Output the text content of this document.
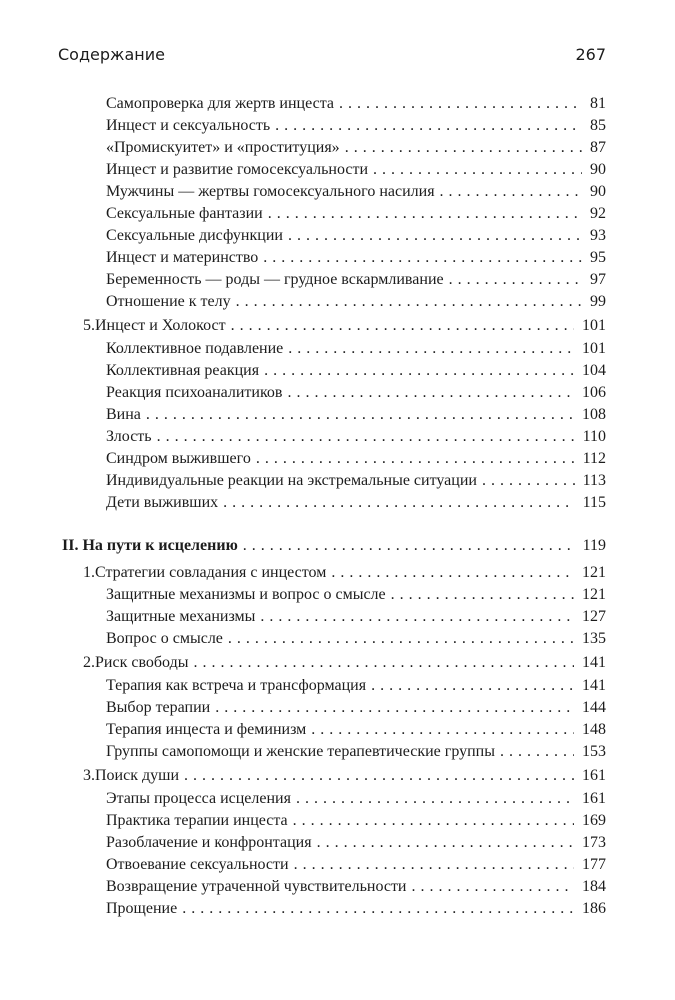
Содержание	267
Самопроверка для жертв инцеста . . .	81
Инцест и сексуальность . . .	85
«Промискуитет» и «проституция» . . .	87
Инцест и развитие гомосексуальности . . .	90
Мужчины — жертвы гомосексуального насилия . . .	90
Сексуальные фантазии . . .	92
Сексуальные дисфункции . . .	93
Инцест и материнство . . .	95
Беременность — роды — грудное вскармливание . . .	97
Отношение к телу . . .	99
5. Инцест и Холокост . . .	101
Коллективное подавление . . .	101
Коллективная реакция . . .	104
Реакция психоаналитиков . . .	106
Вина . . .	108
Злость . . .	110
Синдром выжившего . . .	112
Индивидуальные реакции на экстремальные ситуации . . .	113
Дети выживших . . .	115
II. На пути к исцелению . . .	119
1. Стратегии совладания с инцестом . . .	121
Защитные механизмы и вопрос о смысле . . .	121
Защитные механизмы . . .	127
Вопрос о смысле . . .	135
2. Риск свободы . . .	141
Терапия как встреча и трансформация . . .	141
Выбор терапии . . .	144
Терапия инцеста и феминизм . . .	148
Группы самопомощи и женские терапевтические группы . . .	153
3. Поиск души . . .	161
Этапы процесса исцеления . . .	161
Практика терапии инцеста . . .	169
Разоблачение и конфронтация . . .	173
Отвоевание сексуальности . . .	177
Возвращение утраченной чувствительности . . .	184
Прощение . . .	186
